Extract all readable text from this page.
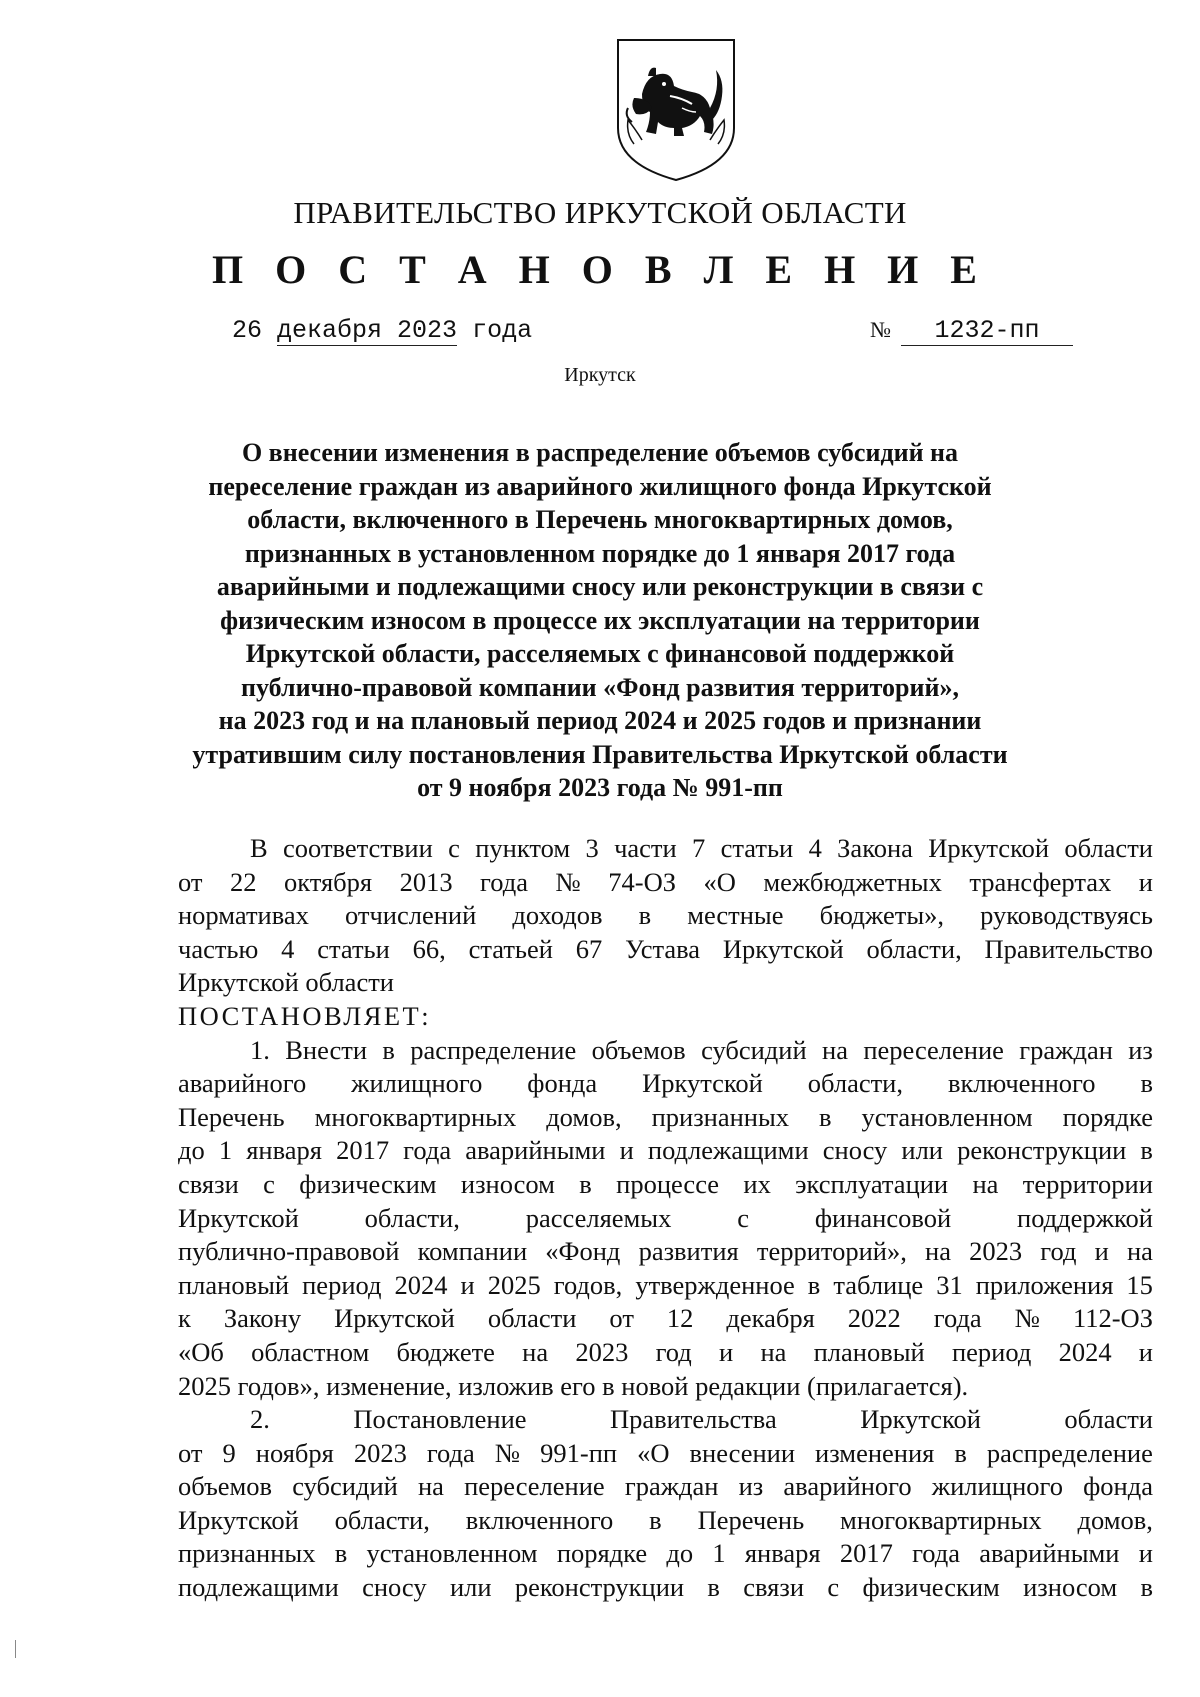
ПРАВИТЕЛЬСТВО ИРКУТСКОЙ ОБЛАСТИ
П О С Т А Н О В Л Е Н И Е
26 декабря 2023 года	№ 1232-пп
Иркутск
О внесении изменения в распределение объемов субсидий на
переселение граждан из аварийного жилищного фонда Иркутской
области, включенного в Перечень многоквартирных домов,
признанных в установленном порядке до 1 января 2017 года
аварийными и подлежащими сносу или реконструкции в связи с
физическим износом в процессе их эксплуатации на территории
Иркутской области, расселяемых с финансовой поддержкой
публично-правовой компании «Фонд развития территорий»,
на 2023 год и на плановый период 2024 и 2025 годов и признании
утратившим силу постановления Правительства Иркутской области
от 9 ноября 2023 года № 991-пп
В соответствии с пунктом 3 части 7 статьи 4 Закона Иркутской области
от 22 октября 2013 года № 74-ОЗ «О межбюджетных трансфертах и
нормативах отчислений доходов в местные бюджеты», руководствуясь
частью 4 статьи 66, статьей 67 Устава Иркутской области, Правительство
Иркутской области
ПОСТАНОВЛЯЕТ:
1. Внести в распределение объемов субсидий на переселение граждан из
аварийного жилищного фонда Иркутской области, включенного в
Перечень многоквартирных домов, признанных в установленном порядке
до 1 января 2017 года аварийными и подлежащими сносу или реконструкции в
связи с физическим износом в процессе их эксплуатации на территории
Иркутской области, расселяемых с финансовой поддержкой
публично-правовой компании «Фонд развития территорий», на 2023 год и на
плановый период 2024 и 2025 годов, утвержденное в таблице 31 приложения 15
к Закону Иркутской области от 12 декабря 2022 года № 112-ОЗ
«Об областном бюджете на 2023 год и на плановый период 2024 и
2025 годов», изменение, изложив его в новой редакции (прилагается).
2.	Постановление	Правительства	Иркутской	области
от 9 ноября 2023 года № 991-пп «О внесении изменения в распределение
объемов субсидий на переселение граждан из аварийного жилищного фонда
Иркутской области, включенного в Перечень многоквартирных домов,
признанных в установленном порядке до 1 января 2017 года аварийными и
подлежащими сносу или реконструкции в связи с физическим износом в
